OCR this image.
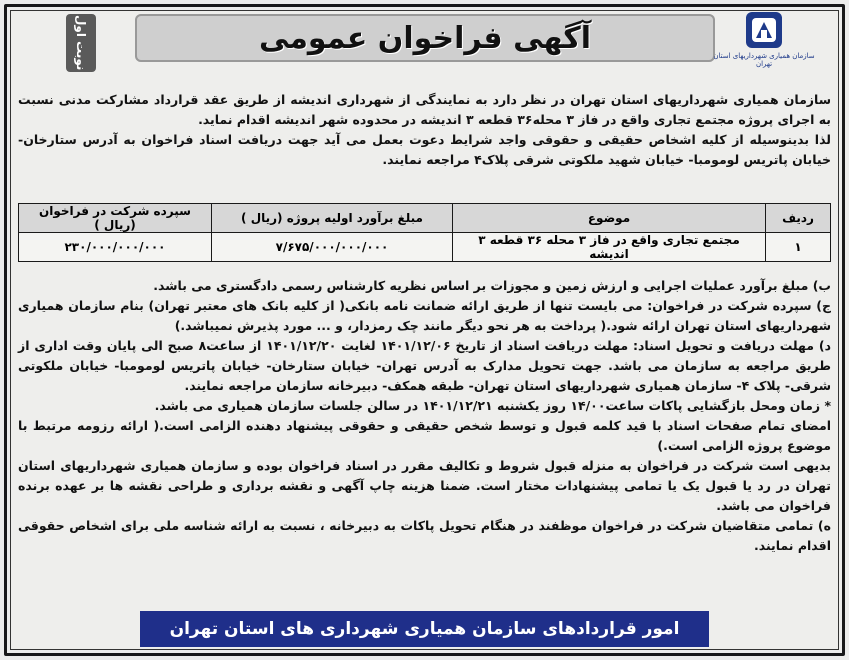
نوبت اول	آگهی فراخوان عمومی
سازمان همیاری شهرداریهای استان تهران

سازمان همیاری شهرداریهای استان تهران در نظر دارد به نمایندگی از شهرداری اندیشه از طریق عقد قرارداد مشارکت مدنی نسبت به اجرای پروژه مجتمع تجاری واقع در فاز ۳ محله۳۶ قطعه ۳ اندیشه در محدوده شهر اندیشه اقدام نماید.

لذا بدینوسیله از کلیه اشخاص حقیقی و حقوقی واجد شرایط دعوت بعمل می آید جهت دریافت اسناد فراخوان به آدرس ستارخان- خیابان پاتریس لومومبا- خیابان شهید ملکوتی شرقی پلاک۴ مراجعه نمایند.

ردیف	موضوع	مبلغ برآورد اولیه پروژه (ریال )	سپرده شرکت در فراخوان (ریال )
۱	مجتمع تجاری واقع در فاز ۳ محله ۳۶ قطعه ۳ اندیشه	۷/۶۷۵/۰۰۰/۰۰۰/۰۰۰	۲۳۰/۰۰۰/۰۰۰/۰۰۰

ب) مبلغ برآورد عملیات اجرایی و ارزش زمین و مجوزات بر اساس نظریه کارشناس رسمی دادگستری می باشد.

ج) سپرده شرکت در فراخوان: می بایست تنها از طریق ارائه ضمانت نامه بانکی( از کلیه بانک های معتبر تهران) بنام سازمان همیاری شهرداریهای استان تهران ارائه شود.( پرداخت به هر نحو دیگر مانند چک رمزدار، و ... مورد پذیرش نمیباشد.)

د) مهلت دریافت و تحویل اسناد: مهلت دریافت اسناد از تاریخ ۱۴۰۱/۱۲/۰۶ لغایت ۱۴۰۱/۱۲/۲۰ از ساعت۸ صبح الی پایان وقت اداری از طریق مراجعه به سازمان می باشد. جهت تحویل مدارک به آدرس تهران- خیابان ستارخان- خیابان پاتریس لومومبا- خیابان ملکوتی شرقی- پلاک ۴- سازمان همیاری شهرداریهای استان تهران- طبقه همکف- دبیرخانه سازمان مراجعه نمایند.

* زمان ومحل بازگشایی پاکات ساعت۱۴/۰۰ روز یکشنبه ۱۴۰۱/۱۲/۲۱ در سالن جلسات سازمان همیاری می باشد.

امضای تمام صفحات اسناد با قید کلمه قبول و توسط شخص حقیقی و حقوقی پیشنهاد دهنده الزامی است.( ارائه رزومه مرتبط با موضوع پروژه الزامی است.)

بدیهی است شرکت در فراخوان به منزله قبول شروط و تکالیف مقرر در اسناد فراخوان بوده و سازمان همیاری شهرداریهای استان تهران در رد یا قبول یک یا تمامی پیشنهادات مختار است. ضمنا هزینه چاپ آگهی و نقشه برداری و طراحی نقشه ها بر عهده برنده فراخوان می باشد.

ه) تمامی متقاضیان شرکت در فراخوان موظفند در هنگام تحویل پاکات به دبیرخانه ، نسبت به ارائه شناسه ملی برای اشخاص حقوقی اقدام نمایند.

امور قراردادهای سازمان همیاری شهرداری های استان تهران
